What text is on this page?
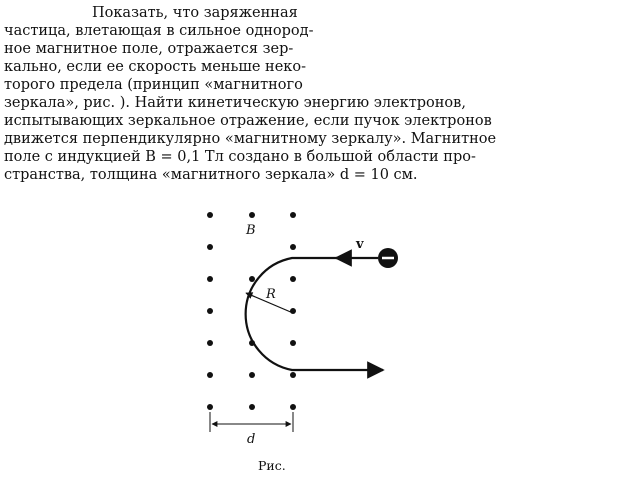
Показать, что заряженная
частица, влетающая в сильное однород-
ное магнитное поле, отражается зер-
кально, если ее скорость меньше неко-
торого предела (принцип «магнитного
зеркала», рис. ). Найти кинетическую энергию электронов,
испытывающих зеркальное отражение, если пучок электронов
движется перпендикулярно «магнитному зеркалу». Магнитное
поле с индукцией B = 0,1 Тл создано в большой области про-
странства, толщина «магнитного зеркала» d = 10 см.
B
v
R
d
Рис.
